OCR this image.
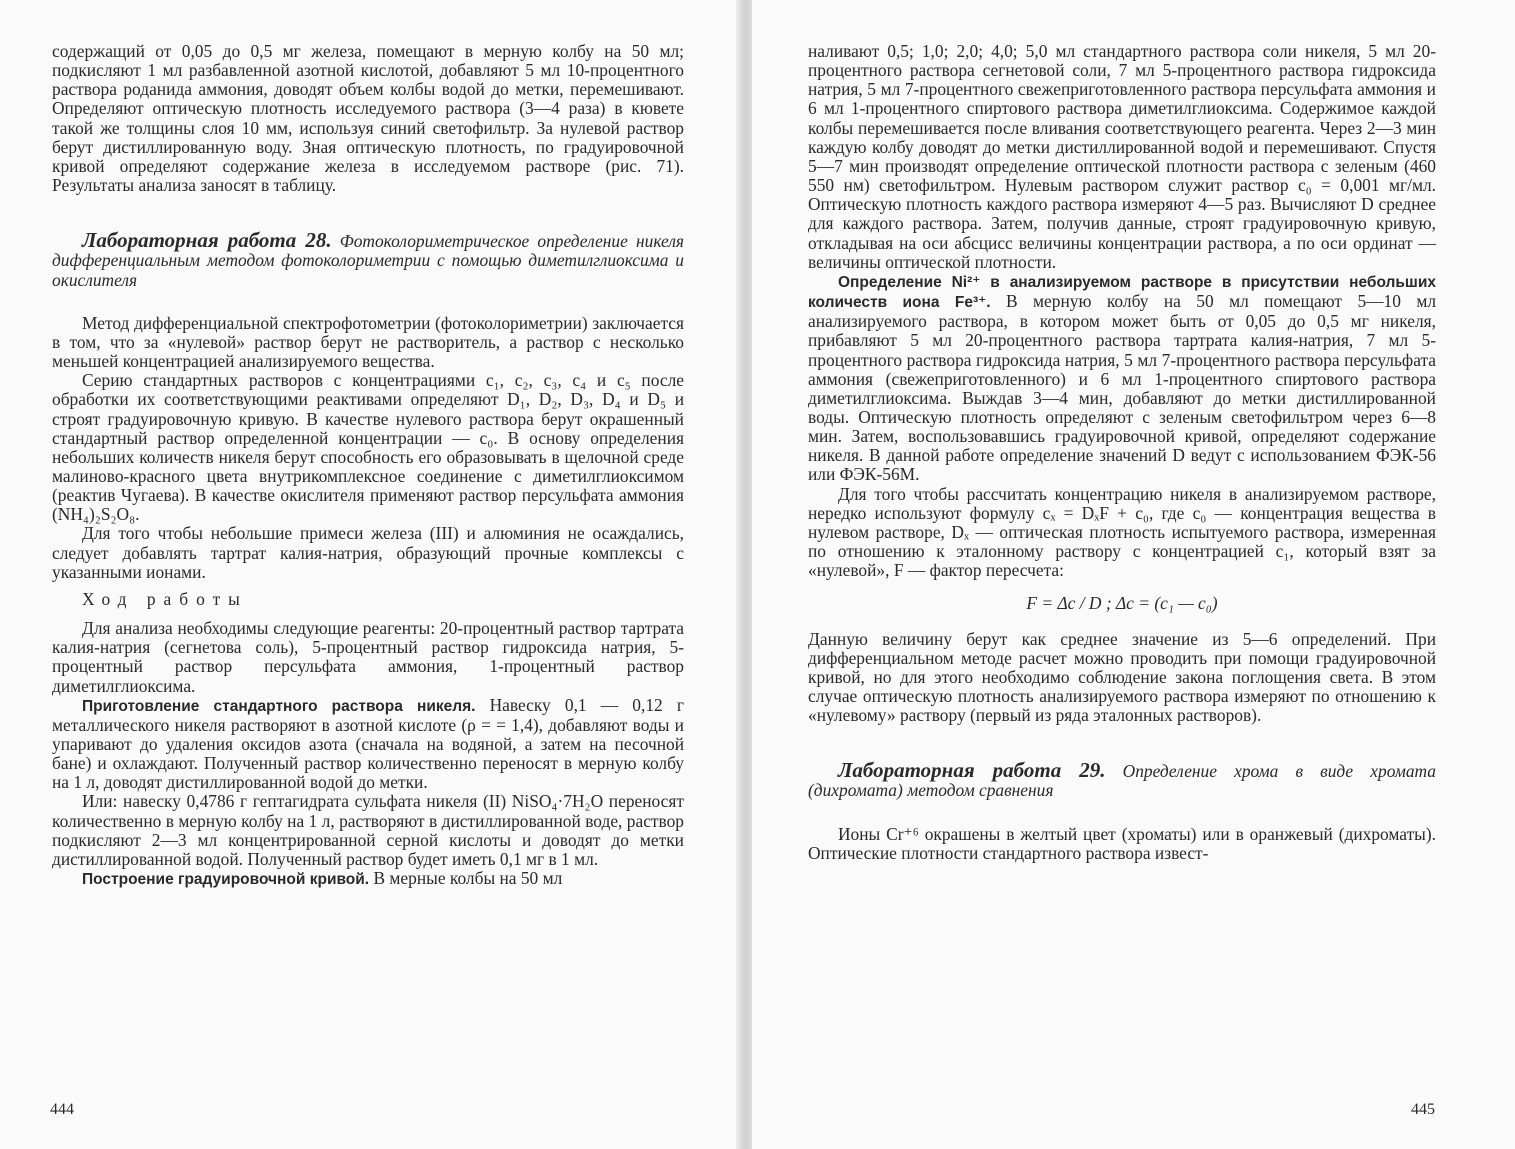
содержащий от 0,05 до 0,5 мг железа, помещают в мерную колбу на 50 мл; подкисляют 1 мл разбавленной азотной кислотой, добавляют 5 мл 10-процентного раствора роданида аммония, доводят объем колбы водой до метки, перемешивают. Определяют оптическую плотность исследуемого раствора (3—4 раза) в кювете такой же толщины слоя 10 мм, используя синий светофильтр. За нулевой раствор берут дистиллированную воду. Зная оптическую плотность, по градуировочной кривой определяют содержание железа в исследуемом растворе (рис. 71). Результаты анализа заносят в таблицу.

Лабораторная работа 28. Фотоколориметрическое определение никеля дифференциальным методом фотоколориметрии с помощью диметилглиоксима и окислителя

Метод дифференциальной спектрофотометрии (фотоколориметрии) заключается в том, что за «нулевой» раствор берут не растворитель, а раствор с несколько меньшей концентрацией анализируемого вещества.

Серию стандартных растворов с концентрациями c₁, c₂, c₃, c₄ и c₅ после обработки их соответствующими реактивами определяют D₁, D₂, D₃, D₄ и D₅ и строят градуировочную кривую. В качестве нулевого раствора берут окрашенный стандартный раствор определенной концентрации — c₀. В основу определения небольших количеств никеля берут способность его образовывать в щелочной среде малиново-красного цвета внутрикомплексное соединение с диметилглиоксимом (реактив Чугаева). В качестве окислителя применяют раствор персульфата аммония (NH₄)₂S₂O₈.

Для того чтобы небольшие примеси железа (III) и алюминия не осаждались, следует добавлять тартрат калия-натрия, образующий прочные комплексы с указанными ионами.

Ход работы

Для анализа необходимы следующие реагенты: 20-процентный раствор тартрата калия-натрия (сегнетова соль), 5-процентный раствор гидроксида натрия, 5-процентный раствор персульфата аммония, 1-процентный раствор диметилглиоксима.

Приготовление стандартного раствора никеля. Навеску 0,1 — 0,12 г металлического никеля растворяют в азотной кислоте (ρ = = 1,4), добавляют воды и упаривают до удаления оксидов азота (сначала на водяной, а затем на песочной бане) и охлаждают. Полученный раствор количественно переносят в мерную колбу на 1 л, доводят дистиллированной водой до метки.

Или: навеску 0,4786 г гептагидрата сульфата никеля (II) NiSO₄·7H₂O переносят количественно в мерную колбу на 1 л, растворяют в дистиллированной воде, раствор подкисляют 2—3 мл концентрированной серной кислоты и доводят до метки дистиллированной водой. Полученный раствор будет иметь 0,1 мг в 1 мл.

Построение градуировочной кривой. В мерные колбы на 50 мл

444

наливают 0,5; 1,0; 2,0; 4,0; 5,0 мл стандартного раствора соли никеля, 5 мл 20-процентного раствора сегнетовой соли, 7 мл 5-процентного раствора гидроксида натрия, 5 мл 7-процентного свежеприготовленного раствора персульфата аммония и 6 мл 1-процентного спиртового раствора диметилглиоксима. Содержимое каждой колбы перемешивается после вливания соответствующего реагента. Через 2—3 мин каждую колбу доводят до метки дистиллированной водой и перемешивают. Спустя 5—7 мин производят определение оптической плотности раствора с зеленым (460 550 нм) светофильтром. Нулевым раствором служит раствор c₀ = 0,001 мг/мл. Оптическую плотность каждого раствора измеряют 4—5 раз. Вычисляют D среднее для каждого раствора. Затем, получив данные, строят градуировочную кривую, откладывая на оси абсцисс величины концентрации раствора, а по оси ординат — величины оптической плотности.

Определение Ni²⁺ в анализируемом растворе в присутствии небольших количеств иона Fe³⁺. В мерную колбу на 50 мл помещают 5—10 мл анализируемого раствора, в котором может быть от 0,05 до 0,5 мг никеля, прибавляют 5 мл 20-процентного раствора тартрата калия-натрия, 7 мл 5-процентного раствора гидроксида натрия, 5 мл 7-процентного раствора персульфата аммония (свежеприготовленного) и 6 мл 1-процентного спиртового раствора диметилглиоксима. Выждав 3—4 мин, добавляют до метки дистиллированной воды. Оптическую плотность определяют с зеленым светофильтром через 6—8 мин. Затем, воспользовавшись градуировочной кривой, определяют содержание никеля. В данной работе определение значений D ведут с использованием ФЭК-56 или ФЭК-56М.

Для того чтобы рассчитать концентрацию никеля в анализируемом растворе, нередко используют формулу cₓ = DₓF + c₀, где c₀ — концентрация вещества в нулевом растворе, Dₓ — оптическая плотность испытуемого раствора, измеренная по отношению к эталонному раствору с концентрацией c₁, который взят за «нулевой», F — фактор пересчета:

F = Δc / D ; Δc = (c₁ — c₀)

Данную величину берут как среднее значение из 5—6 определений. При дифференциальном методе расчет можно проводить при помощи градуировочной кривой, но для этого необходимо соблюдение закона поглощения света. В этом случае оптическую плотность анализируемого раствора измеряют по отношению к «нулевому» раствору (первый из ряда эталонных растворов).

Лабораторная работа 29. Определение хрома в виде хромата (дихромата) методом сравнения

Ионы Cr⁺⁶ окрашены в желтый цвет (хроматы) или в оранжевый (дихроматы). Оптические плотности стандартного раствора извест-

445
